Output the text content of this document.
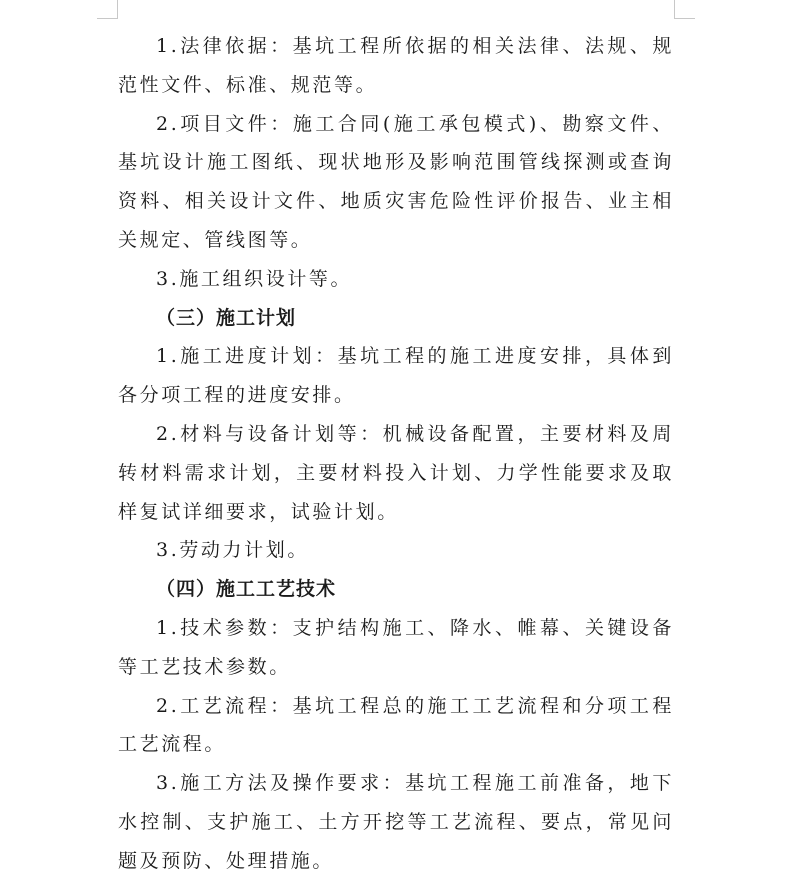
1.法律依据：基坑工程所依据的相关法律、法规、规范性文件、标准、规范等。

2.项目文件：施工合同(施工承包模式)、勘察文件、基坑设计施工图纸、现状地形及影响范围管线探测或查询资料、相关设计文件、地质灾害危险性评价报告、业主相关规定、管线图等。

3.施工组织设计等。

（三）施工计划

1.施工进度计划：基坑工程的施工进度安排，具体到各分项工程的进度安排。

2.材料与设备计划等：机械设备配置，主要材料及周转材料需求计划，主要材料投入计划、力学性能要求及取样复试详细要求，试验计划。

3.劳动力计划。

（四）施工工艺技术

1.技术参数：支护结构施工、降水、帷幕、关键设备等工艺技术参数。

2.工艺流程：基坑工程总的施工工艺流程和分项工程工艺流程。

3.施工方法及操作要求：基坑工程施工前准备，地下水控制、支护施工、土方开挖等工艺流程、要点，常见问题及预防、处理措施。
